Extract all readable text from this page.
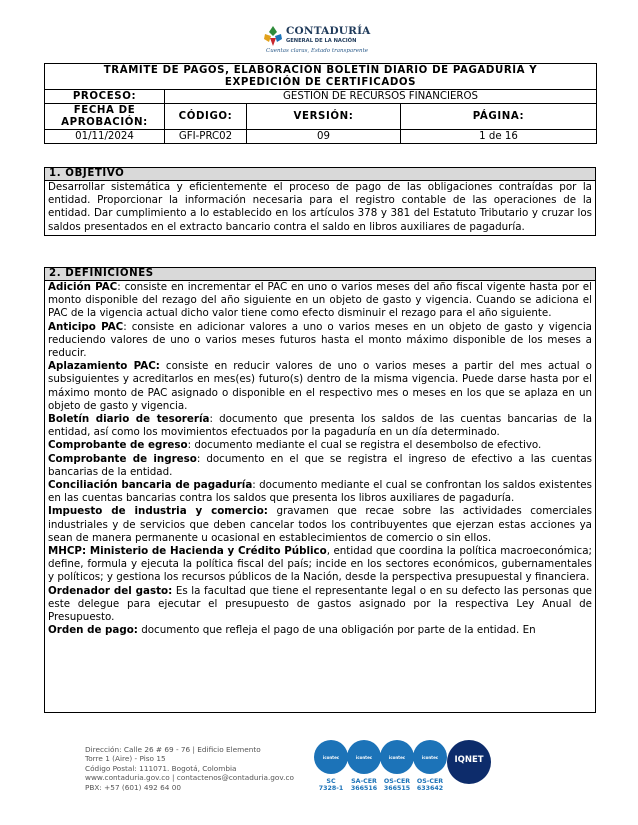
CONTADURÍA
GENERAL DE LA NACIÓN
Cuentas claras, Estado transparente
TRÁMITE DE PAGOS, ELABORACIÓN BOLETÍN DIARIO DE PAGADURÍA Y EXPEDICIÓN DE CERTIFICADOS			
PROCESO:	GESTIÓN DE RECURSOS FINANCIEROS		
FECHA DE APROBACIÓN:	CÓDIGO:	VERSIÓN:	PÁGINA:
01/11/2024	GFI-PRC02	09	1 de 16
1. OBJETIVO
Desarrollar sistemática y eficientemente el proceso de pago de las obligaciones contraídas por la entidad. Proporcionar la información necesaria para el registro contable de las operaciones de la entidad. Dar cumplimiento a lo establecido en los artículos 378 y 381 del Estatuto Tributario y cruzar los saldos presentados en el extracto bancario contra el saldo en libros auxiliares de pagaduría.
2. DEFINICIONES

Adición PAC: consiste en incrementar el PAC en uno o varios meses del año fiscal vigente hasta por el monto disponible del rezago del año siguiente en un objeto de gasto y vigencia. Cuando se adiciona el PAC de la vigencia actual dicho valor tiene como efecto disminuir el rezago para el año siguiente.

Anticipo PAC: consiste en adicionar valores a uno o varios meses en un objeto de gasto y vigencia reduciendo valores de uno o varios meses futuros hasta el monto máximo disponible de los meses a reducir.

Aplazamiento PAC: consiste en reducir valores de uno o varios meses a partir del mes actual o subsiguientes y acreditarlos en mes(es) futuro(s) dentro de la misma vigencia. Puede darse hasta por el máximo monto de PAC asignado o disponible en el respectivo mes o meses en los que se aplaza en un objeto de gasto y vigencia.

Boletín diario de tesorería: documento que presenta los saldos de las cuentas bancarias de la entidad, así como los movimientos efectuados por la pagaduría en un día determinado.

Comprobante de egreso: documento mediante el cual se registra el desembolso de efectivo.

Comprobante de ingreso: documento en el que se registra el ingreso de efectivo a las cuentas bancarias de la entidad.

Conciliación bancaria de pagaduría: documento mediante el cual se confrontan los saldos existentes en las cuentas bancarias contra los saldos que presenta los libros auxiliares de pagaduría.

Impuesto de industria y comercio: gravamen que recae sobre las actividades comerciales industriales y de servicios que deben cancelar todos los contribuyentes que ejerzan estas acciones ya sean de manera permanente u ocasional en establecimientos de comercio o sin ellos.

MHCP: Ministerio de Hacienda y Crédito Público, entidad que coordina la política macroeconómica; define, formula y ejecuta la política fiscal del país; incide en los sectores económicos, gubernamentales y políticos; y gestiona los recursos públicos de la Nación, desde la perspectiva presupuestal y financiera.

Ordenador del gasto: Es la facultad que tiene el representante legal o en su defecto las personas que este delegue para ejecutar el presupuesto de gastos asignado por la respectiva Ley Anual de Presupuesto.

Orden de pago: documento que refleja el pago de una obligación por parte de la entidad. En

Dirección: Calle 26 # 69 - 76 | Edificio Elemento
Torre 1 (Aire) - Piso 15
Código Postal: 111071. Bogotá, Colombia
www.contaduria.gov.co | contactenos@contaduria.gov.co
PBX: +57 (601) 492 64 00
icontec
SC
7328-1
icontec
SA-CER
366516
icontec
OS-CER
366515
icontec
OS-CER
633642
IQNET
